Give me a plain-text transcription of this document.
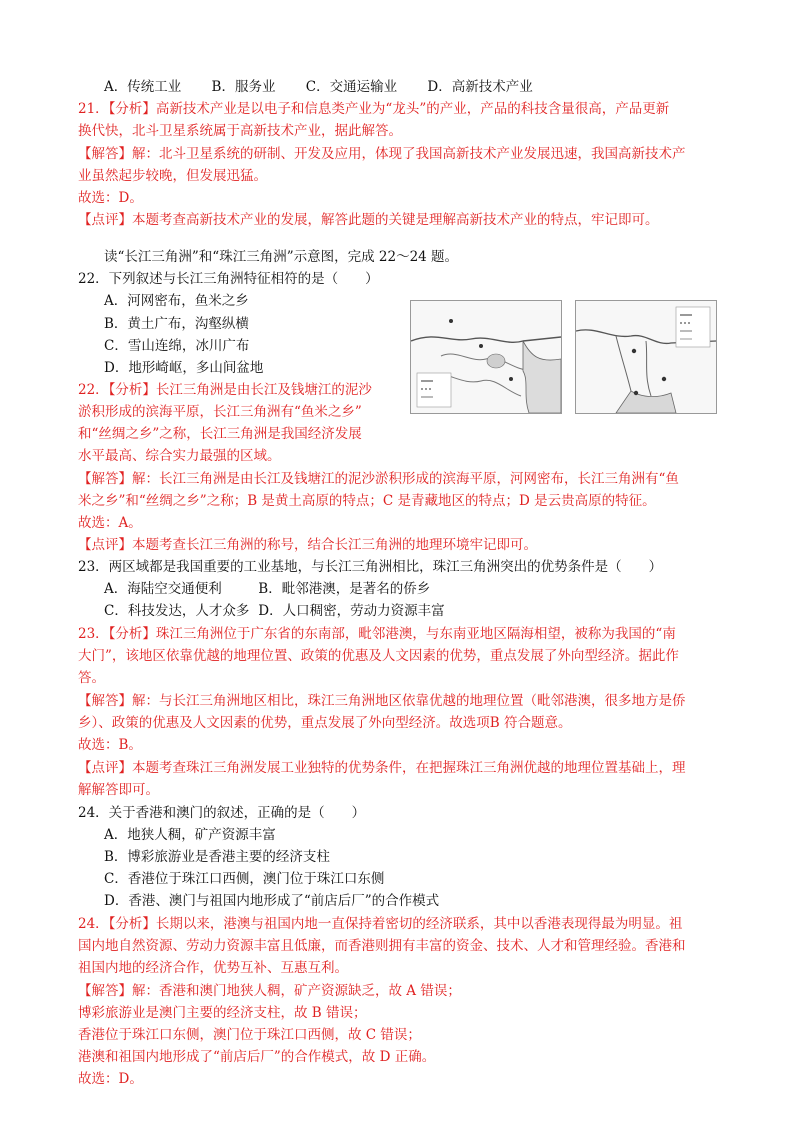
A．传统工业 B．服务业 C．交通运输业 D．高新技术产业
21．【分析】高新技术产业是以电子和信息类产业为“龙头”的产业，产品的科技含量很高，产品更新
换代快，北斗卫星系统属于高新技术产业，据此解答。
【解答】解：北斗卫星系统的研制、开发及应用，体现了我国高新技术产业发展迅速，我国高新技术产
业虽然起步较晚，但发展迅猛。
故选：D。
【点评】本题考查高新技术产业的发展，解答此题的关键是理解高新技术产业的特点，牢记即可。
读“长江三角洲”和“珠江三角洲”示意图，完成 22～24 题。
22．下列叙述与长江三角洲特征相符的是（　　）
A．河网密布，鱼米之乡
B．黄土广布，沟壑纵横
C．雪山连绵，冰川广布
D．地形崎岖，多山间盆地
22．【分析】长江三角洲是由长江及钱塘江的泥沙
淤积形成的滨海平原，长江三角洲有“鱼米之乡”
和“丝绸之乡”之称，长江三角洲是我国经济发展
水平最高、综合实力最强的区域。
【解答】解：长江三角洲是由长江及钱塘江的泥沙淤积形成的滨海平原，河网密布，长江三角洲有“鱼
米之乡”和“丝绸之乡”之称；B 是黄土高原的特点；C 是青藏地区的特点；D 是云贵高原的特征。
故选：A。
【点评】本题考查长江三角洲的称号，结合长江三角洲的地理环境牢记即可。
23．两区域都是我国重要的工业基地，与长江三角洲相比，珠江三角洲突出的优势条件是（　　）
A．海陆空交通便利	B．毗邻港澳，是著名的侨乡
C．科技发达，人才众多 D．人口稠密，劳动力资源丰富
23．【分析】珠江三角洲位于广东省的东南部，毗邻港澳，与东南亚地区隔海相望，被称为我国的“南
大门”，该地区依靠优越的地理位置、政策的优惠及人文因素的优势，重点发展了外向型经济。据此作
答。
【解答】解：与长江三角洲地区相比，珠江三角洲地区依靠优越的地理位置（毗邻港澳，很多地方是侨
乡）、政策的优惠及人文因素的优势，重点发展了外向型经济。故选项B 符合题意。
故选：B。
【点评】本题考查珠江三角洲发展工业独特的优势条件，在把握珠江三角洲优越的地理位置基础上，理
解解答即可。
24．关于香港和澳门的叙述，正确的是（　　）
A．地狭人稠，矿产资源丰富
B．博彩旅游业是香港主要的经济支柱
C．香港位于珠江口西侧，澳门位于珠江口东侧
D．香港、澳门与祖国内地形成了“前店后厂”的合作模式
24．【分析】长期以来，港澳与祖国内地一直保持着密切的经济联系，其中以香港表现得最为明显。祖
国内地自然资源、劳动力资源丰富且低廉，而香港则拥有丰富的资金、技术、人才和管理经验。香港和
祖国内地的经济合作，优势互补、互惠互利。
【解答】解：香港和澳门地狭人稠，矿产资源缺乏，故 A 错误；
博彩旅游业是澳门主要的经济支柱，故 B 错误；
香港位于珠江口东侧，澳门位于珠江口西侧，故 C 错误；
港澳和祖国内地形成了“前店后厂”的合作模式，故 D 正确。
故选：D。
